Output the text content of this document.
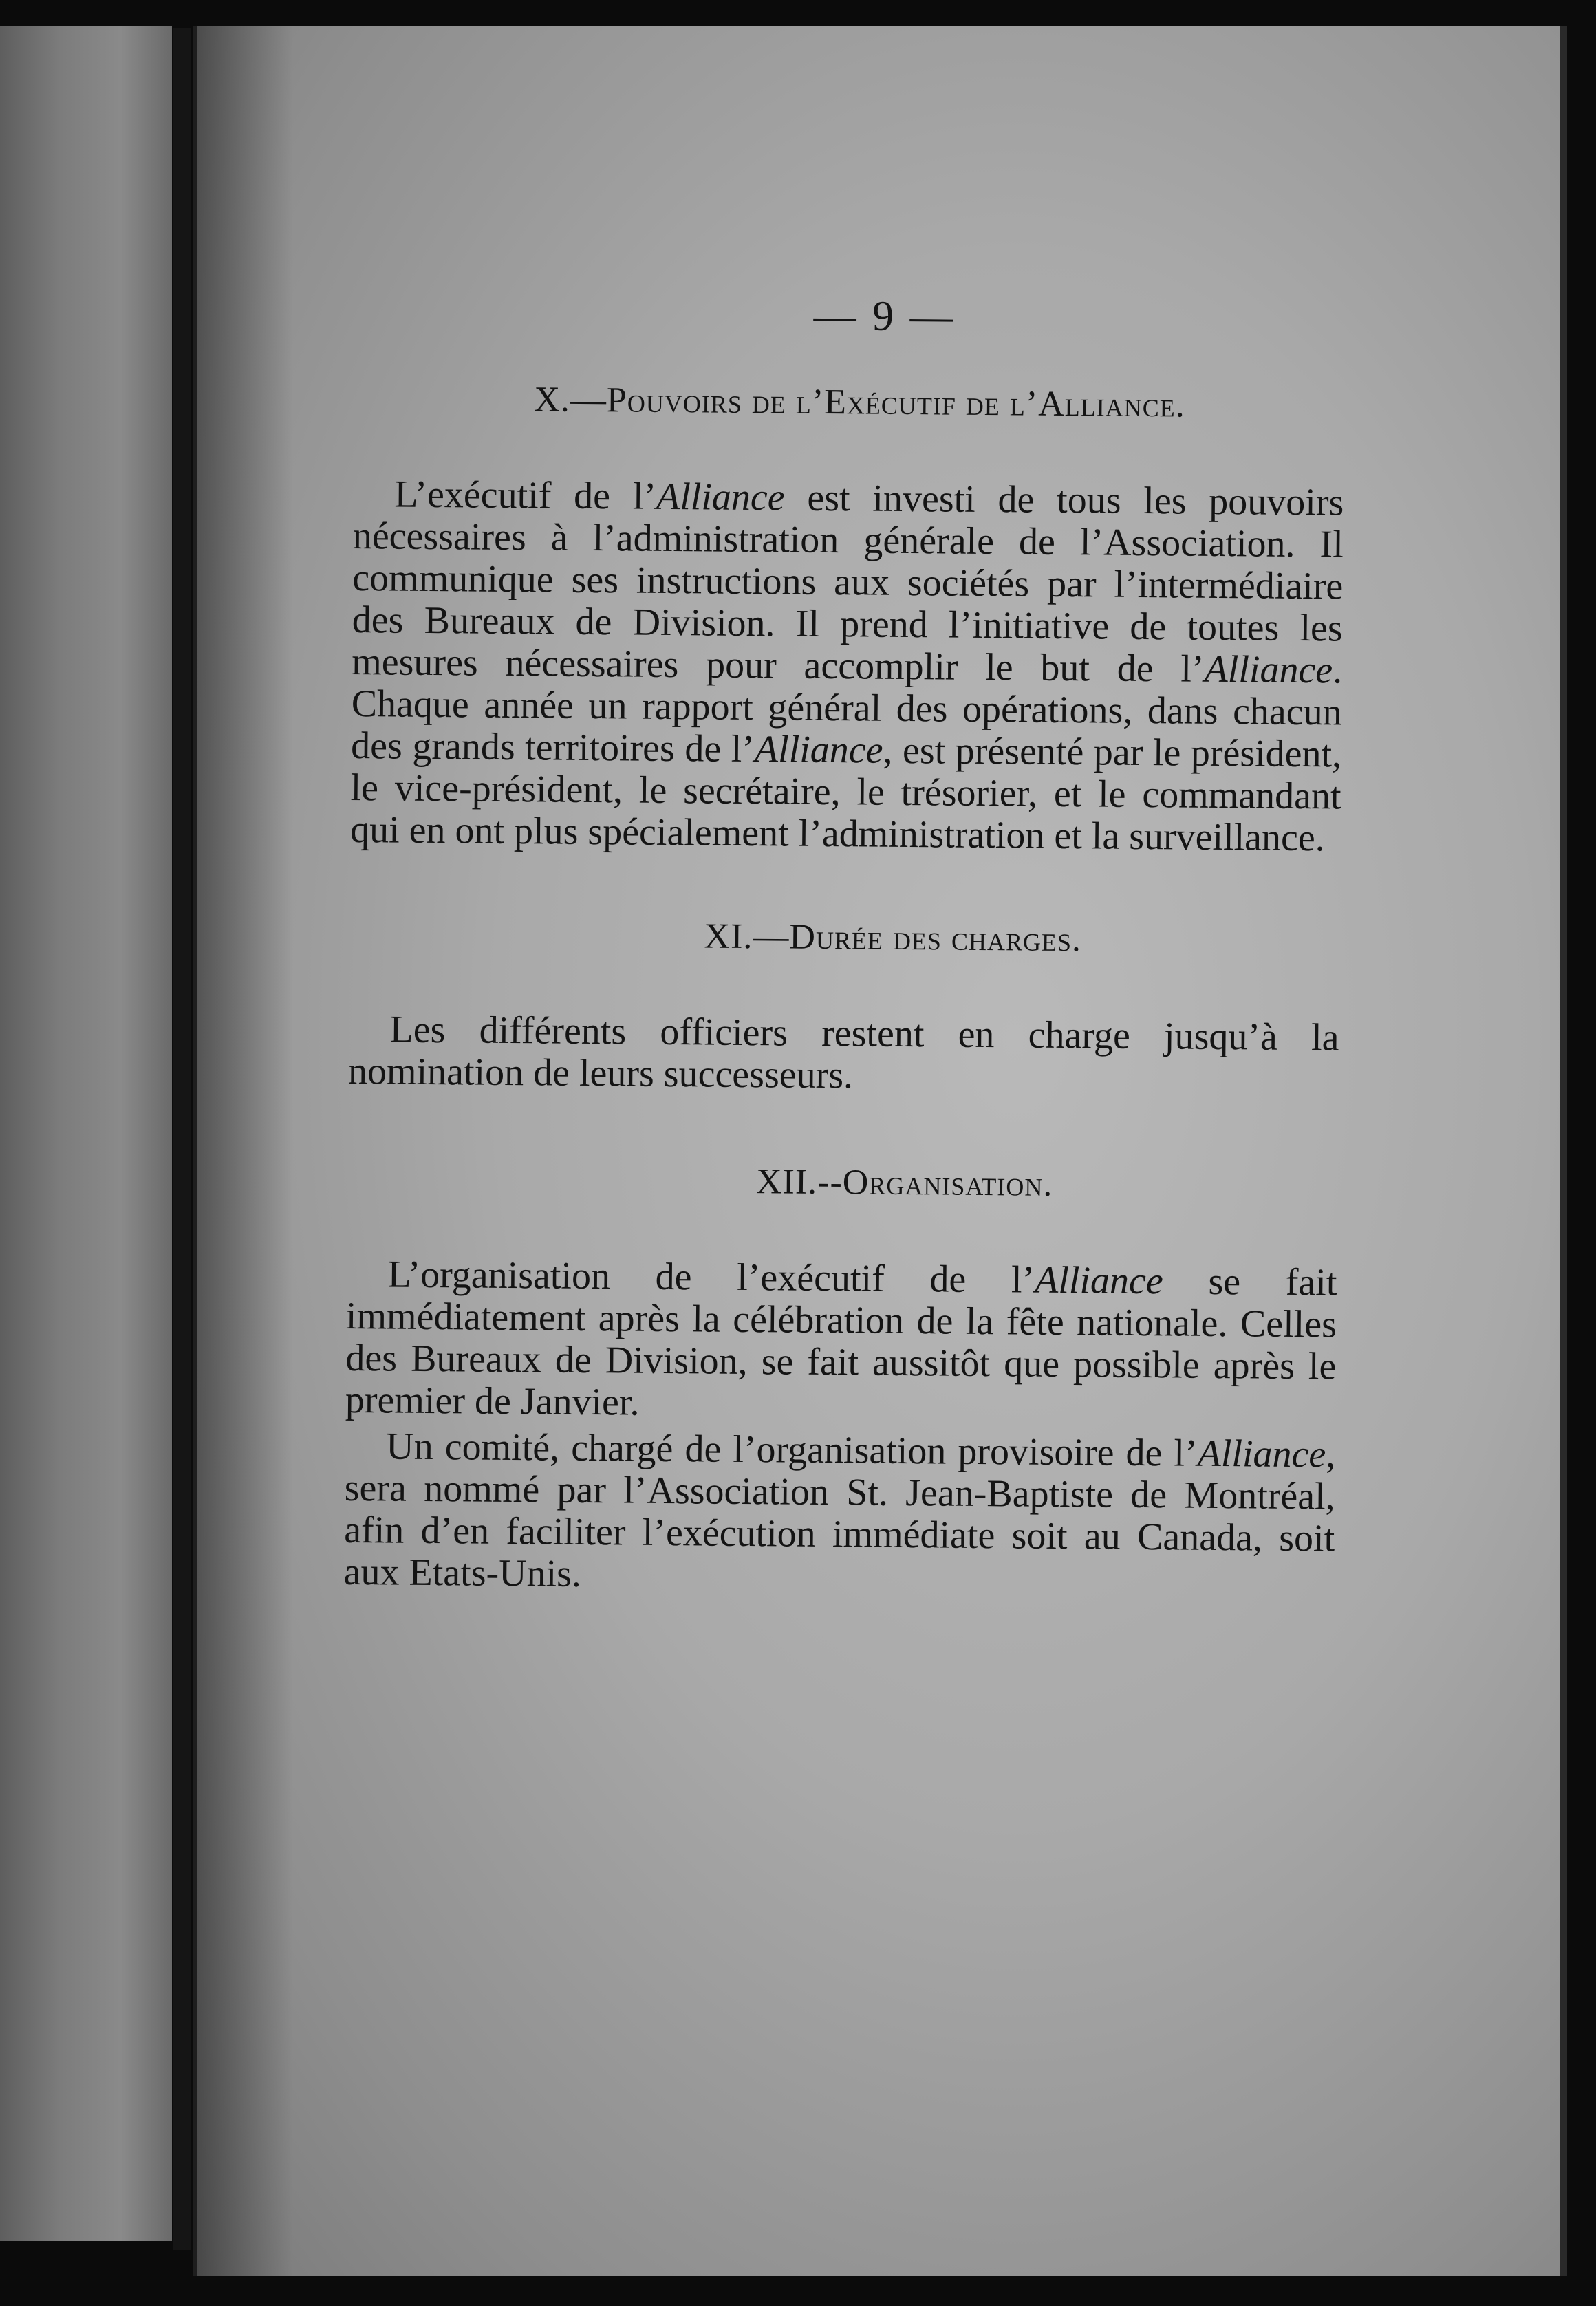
— 9 —
X.—Pouvoirs de l’Exécutif de l’Alliance.

L’exécutif de l’Alliance est investi de tous les pouvoirs nécessaires à l’administration générale de l’Association. Il communique ses instructions aux sociétés par l’intermédiaire des Bureaux de Division. Il prend l’initiative de toutes les mesures nécessaires pour accomplir le but de l’Alliance. Chaque année un rapport général des opérations, dans chacun des grands territoires de l’Alliance, est présenté par le président, le vice-président, le secrétaire, le trésorier, et le commandant qui en ont plus spécialement l’administration et la surveillance.

XI.—Durée des charges.

Les différents officiers restent en charge jusqu’à la nomination de leurs successeurs.

XII.--Organisation.

L’organisation de l’exécutif de l’Alliance se fait immédiatement après la célébration de la fête nationale. Celles des Bureaux de Division, se fait aussitôt que possible après le premier de Janvier.

Un comité, chargé de l’organisation provisoire de l’Alliance, sera nommé par l’Association St. Jean-Baptiste de Montréal, afin d’en faciliter l’exécution immédiate soit au Canada, soit aux Etats-Unis.
